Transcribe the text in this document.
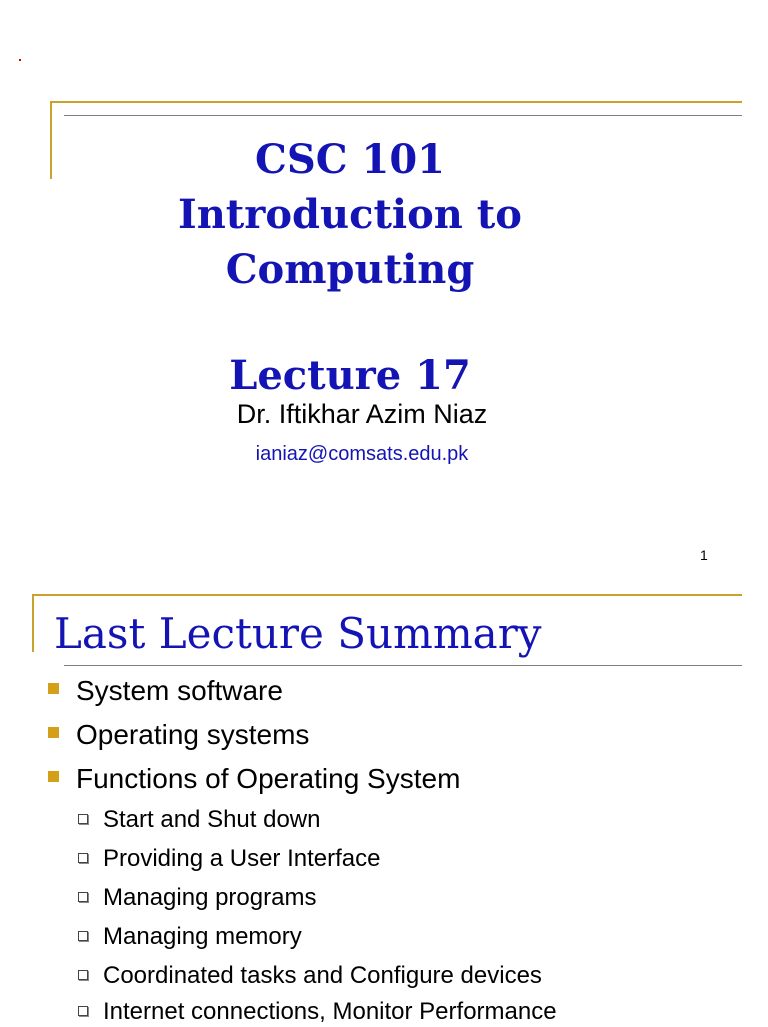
CSC 101
Introduction to
Computing
Lecture 17
Dr. Iftikhar Azim Niaz
ianiaz@comsats.edu.pk
1
Last Lecture Summary
System software
Operating systems
Functions of Operating System
Start and Shut down
Providing a User Interface
Managing programs
Managing memory
Coordinated tasks and Configure devices
Internet connections, Monitor Performance
